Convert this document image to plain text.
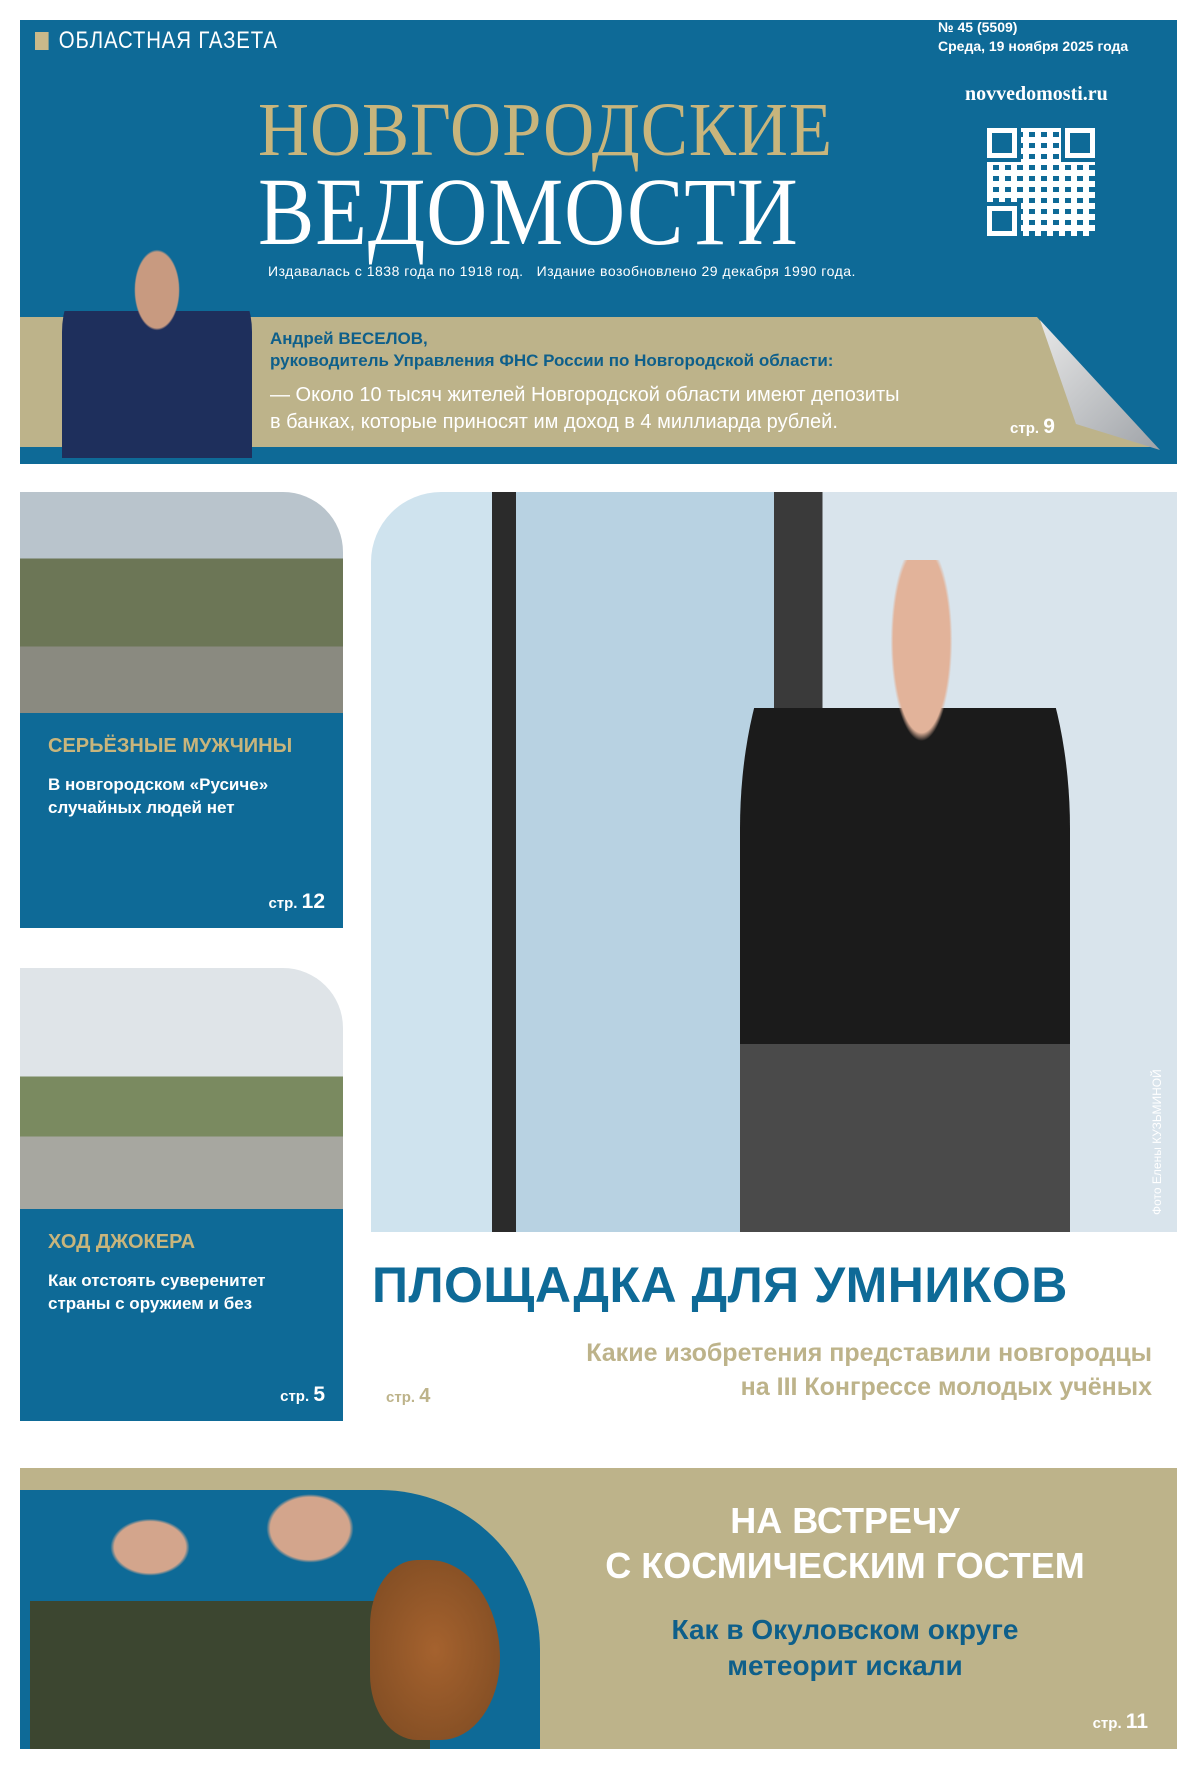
ОБЛАСТНАЯ ГАЗЕТА
НОВГОРОДСКИЕ
ВЕДОМОСТИ
Издавалась с 1838 года по 1918 год.   Издание возобновлено 29 декабря 1990 года.
№ 45 (5509)
Среда, 19 ноября 2025 года
novvedomosti.ru
Андрей ВЕСЕЛОВ,
руководитель Управления ФНС России по Новгородской области:
— Около 10 тысяч жителей Новгородской области имеют депозиты
в банках, которые приносят им доход в 4 миллиарда рублей.	стр. 9
СЕРЬЁЗНЫЕ МУЖЧИНЫ
В новгородском «Русиче» случайных людей нет
стр. 12
ХОД ДЖОКЕРА
Как отстоять суверенитет страны с оружием и без
стр. 5
Фото Елены КУЗЬМИНОЙ
ПЛОЩАДКА ДЛЯ УМНИКОВ
Какие изобретения представили новгородцы
на III Конгрессе молодых учёных
стр. 4
НА ВСТРЕЧУ
С КОСМИЧЕСКИМ ГОСТЕМ
Как в Окуловском округе
метеорит искали
стр. 11
